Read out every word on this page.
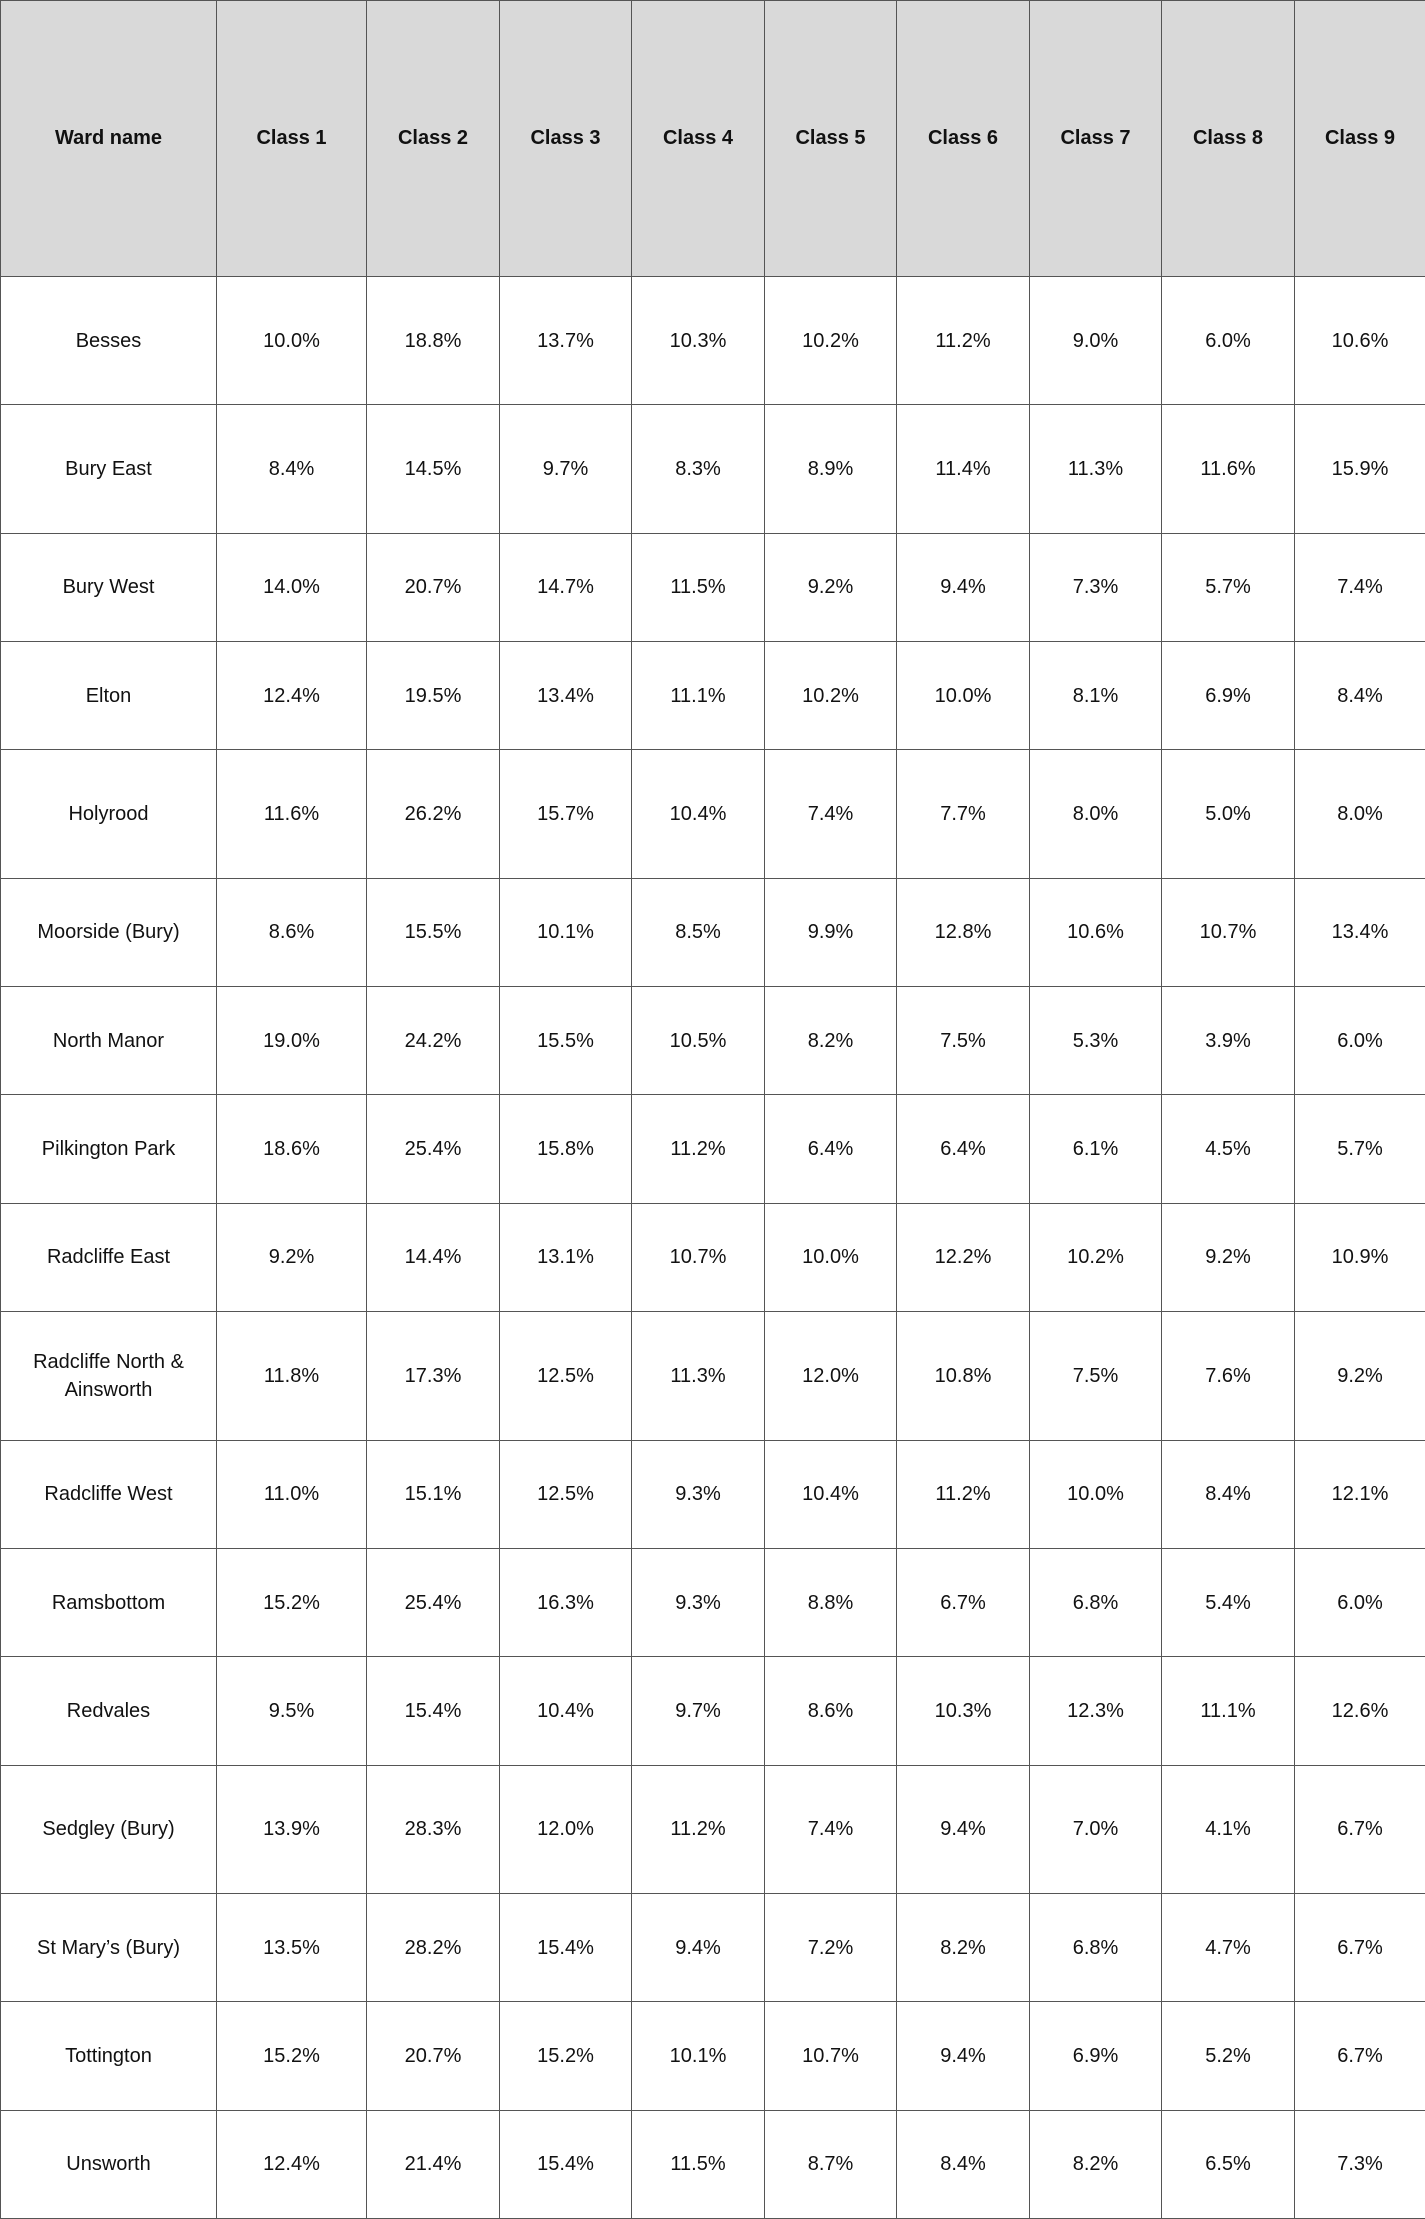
Ward name	Class 1	Class 2	Class 3	Class 4	Class 5	Class 6	Class 7	Class 8	Class 9
Besses	10.0%	18.8%	13.7%	10.3%	10.2%	11.2%	9.0%	6.0%	10.6%
Bury East	8.4%	14.5%	9.7%	8.3%	8.9%	11.4%	11.3%	11.6%	15.9%
Bury West	14.0%	20.7%	14.7%	11.5%	9.2%	9.4%	7.3%	5.7%	7.4%
Elton	12.4%	19.5%	13.4%	11.1%	10.2%	10.0%	8.1%	6.9%	8.4%
Holyrood	11.6%	26.2%	15.7%	10.4%	7.4%	7.7%	8.0%	5.0%	8.0%
Moorside (Bury)	8.6%	15.5%	10.1%	8.5%	9.9%	12.8%	10.6%	10.7%	13.4%
North Manor	19.0%	24.2%	15.5%	10.5%	8.2%	7.5%	5.3%	3.9%	6.0%
Pilkington Park	18.6%	25.4%	15.8%	11.2%	6.4%	6.4%	6.1%	4.5%	5.7%
Radcliffe East	9.2%	14.4%	13.1%	10.7%	10.0%	12.2%	10.2%	9.2%	10.9%
Radcliffe North & Ainsworth	11.8%	17.3%	12.5%	11.3%	12.0%	10.8%	7.5%	7.6%	9.2%
Radcliffe West	11.0%	15.1%	12.5%	9.3%	10.4%	11.2%	10.0%	8.4%	12.1%
Ramsbottom	15.2%	25.4%	16.3%	9.3%	8.8%	6.7%	6.8%	5.4%	6.0%
Redvales	9.5%	15.4%	10.4%	9.7%	8.6%	10.3%	12.3%	11.1%	12.6%
Sedgley (Bury)	13.9%	28.3%	12.0%	11.2%	7.4%	9.4%	7.0%	4.1%	6.7%
St Mary’s (Bury)	13.5%	28.2%	15.4%	9.4%	7.2%	8.2%	6.8%	4.7%	6.7%
Tottington	15.2%	20.7%	15.2%	10.1%	10.7%	9.4%	6.9%	5.2%	6.7%
Unsworth	12.4%	21.4%	15.4%	11.5%	8.7%	8.4%	8.2%	6.5%	7.3%
